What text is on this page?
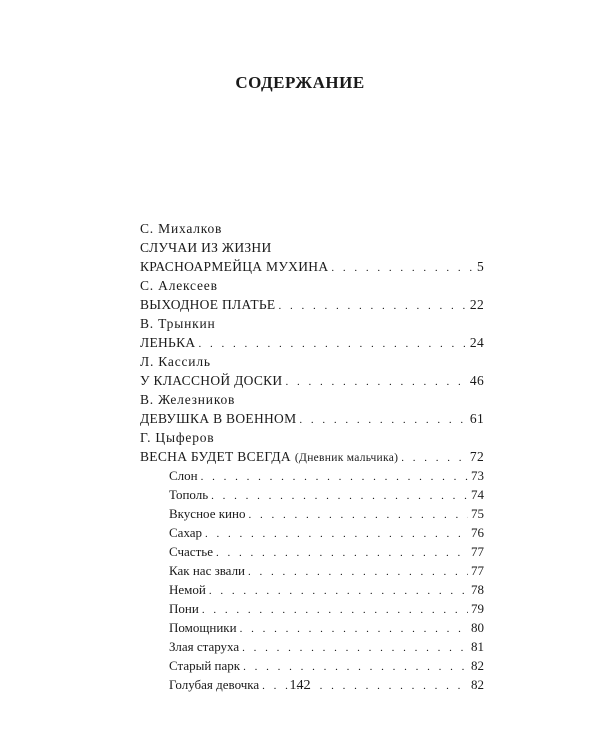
СОДЕРЖАНИЕ
С. Михалков
СЛУЧАИ ИЗ ЖИЗНИ
КРАСНОАРМЕЙЦА МУХИНА . . .	5
С. Алексеев
ВЫХОДНОЕ ПЛАТЬЕ . . .	22
В. Трынкин
ЛЕНЬКА . . .	24
Л. Кассиль
У КЛАССНОЙ ДОСКИ . . .	46
В. Железников
ДЕВУШКА В ВОЕННОМ . . .	61
Г. Цыферов
ВЕСНА БУДЕТ ВСЕГДА (Дневник мальчика) . . .	72
Слон . . .	73
Тополь . . .	74
Вкусное кино . . .	75
Сахар . . .	76
Счастье . . .	77
Как нас звали . . .	77
Немой . . .	78
Пони . . .	79
Помощники . . .	80
Злая старуха . . .	81
Старый парк . . .	82
Голубая девочка . . .	82
142
